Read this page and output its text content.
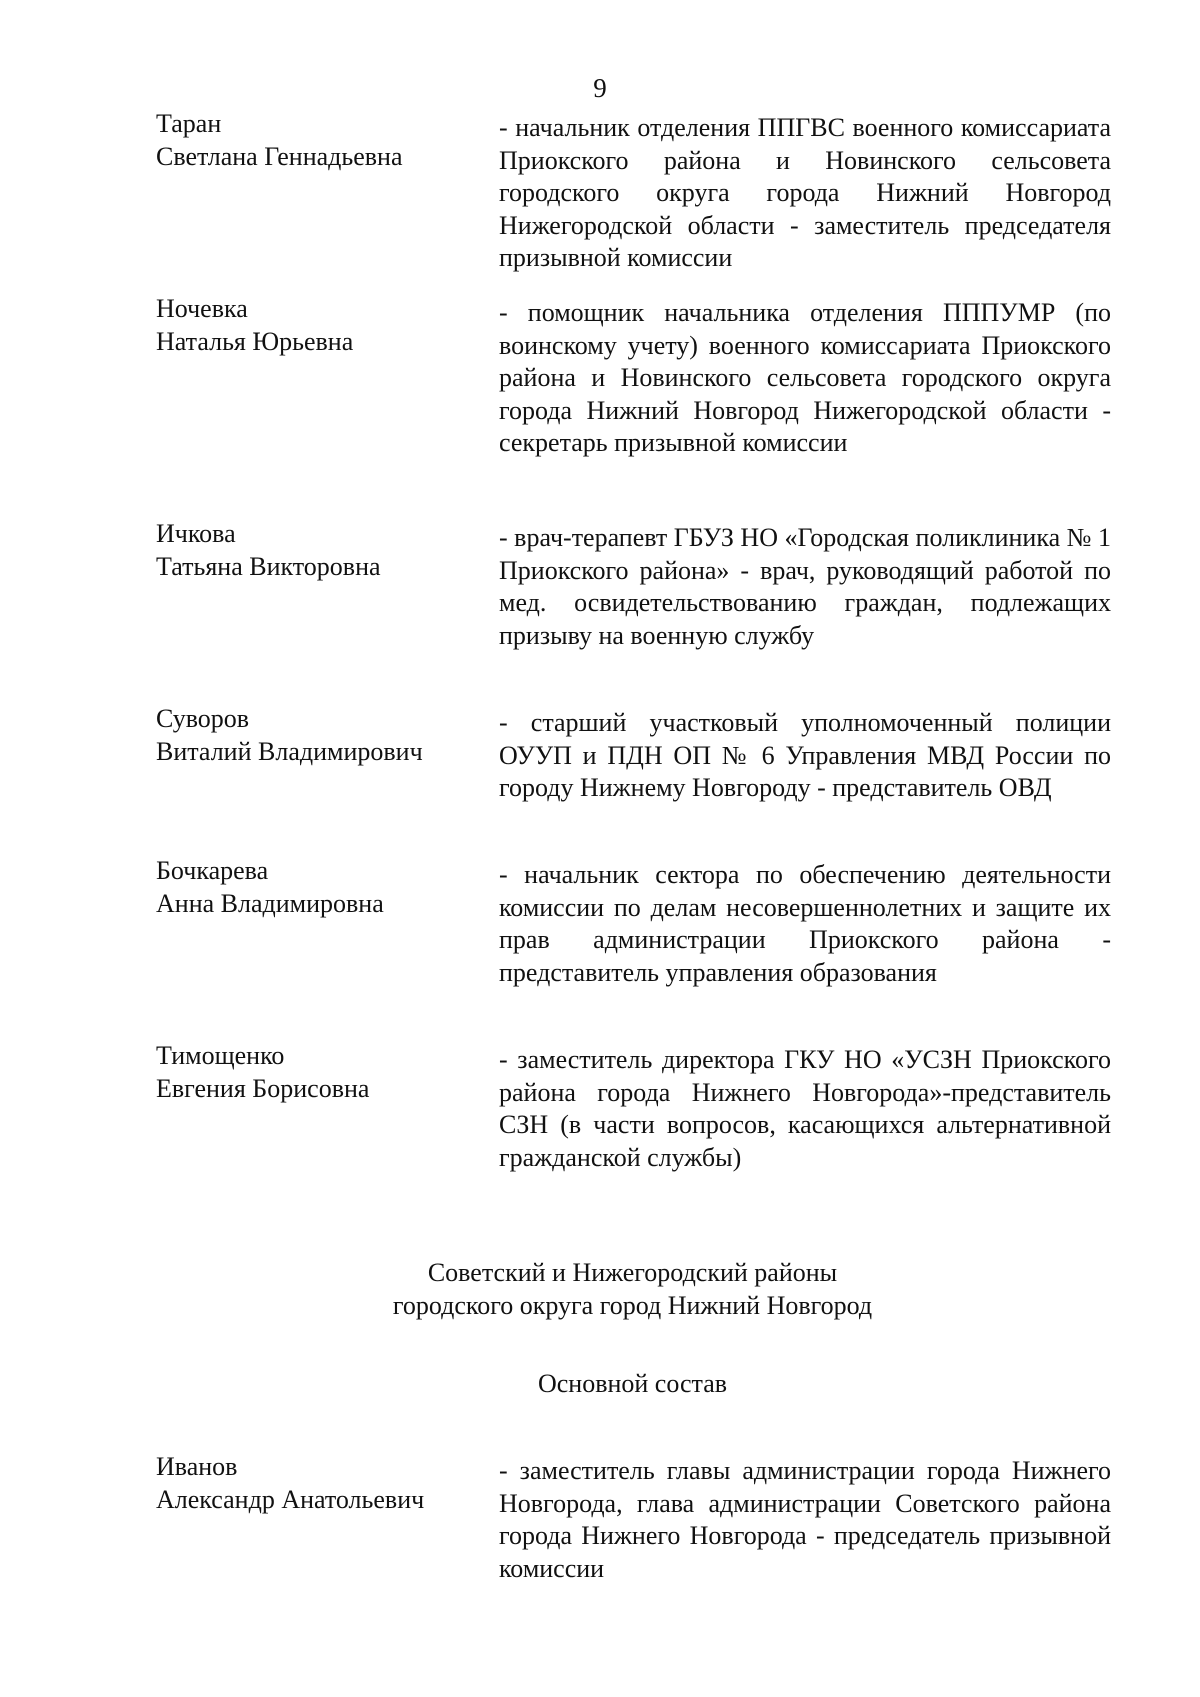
9
Таран
Светлана Геннадьевна
- начальник отделения ППГВС военного комиссариата Приокского района и Новинского сельсовета городского округа города Нижний Новгород Нижегородской области - заместитель председателя призывной комиссии
Ночевка
Наталья Юрьевна
- помощник начальника отделения ПППУМР (по воинскому учету) военного комиссариата Приокского района и Новинского сельсовета городского округа города Нижний Новгород Нижегородской области - секретарь призывной комиссии
Ичкова
Татьяна Викторовна
- врач-терапевт ГБУЗ НО «Городская поликлиника № 1 Приокского района» - врач, руководящий работой по мед. освидетельствованию граждан, подлежащих призыву на военную службу
Суворов
Виталий Владимирович
- старший участковый уполномоченный полиции ОУУП и ПДН ОП № 6 Управления МВД России по городу Нижнему Новгороду - представитель ОВД
Бочкарева
Анна Владимировна
- начальник сектора по обеспечению деятельности комиссии по делам несовершеннолетних и защите их прав администрации Приокского района - представитель управления образования
Тимощенко
Евгения Борисовна
- заместитель директора ГКУ НО «УСЗН Приокского района города Нижнего Новгорода»-представитель СЗН (в части вопросов, касающихся альтернативной гражданской службы)
Советский и Нижегородский районы
городского округа город Нижний Новгород
Основной состав
Иванов
Александр Анатольевич
- заместитель главы администрации города Нижнего Новгорода, глава администрации Советского района города Нижнего Новгорода - председатель призывной комиссии
